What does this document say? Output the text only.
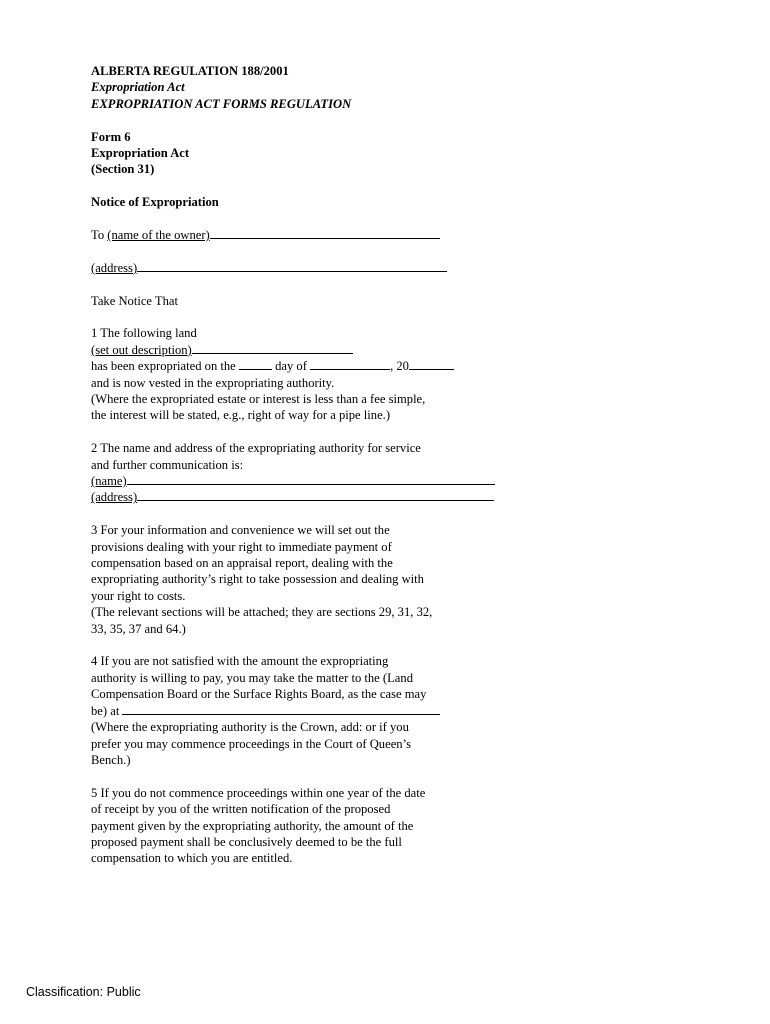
ALBERTA REGULATION 188/2001
Expropriation Act
EXPROPRIATION ACT FORMS REGULATION
Form 6
Expropriation Act
(Section 31)
Notice of Expropriation
To (name of the owner)
(address)
Take Notice That
1 The following land
(set out description)
has been expropriated on the	day of	, 20
and is now vested in the expropriating authority.
(Where the expropriated estate or interest is less than a fee simple,
the interest will be stated, e.g., right of way for a pipe line.)
2 The name and address of the expropriating authority for service
and further communication is:
(name)
(address)
3 For your information and convenience we will set out the
provisions dealing with your right to immediate payment of
compensation based on an appraisal report, dealing with the
expropriating authority’s right to take possession and dealing with
your right to costs.
(The relevant sections will be attached; they are sections 29, 31, 32,
33, 35, 37 and 64.)
4 If you are not satisfied with the amount the expropriating
authority is willing to pay, you may take the matter to the (Land
Compensation Board or the Surface Rights Board, as the case may
be) at
(Where the expropriating authority is the Crown, add: or if you
prefer you may commence proceedings in the Court of Queen’s
Bench.)
5 If you do not commence proceedings within one year of the date
of receipt by you of the written notification of the proposed
payment given by the expropriating authority, the amount of the
proposed payment shall be conclusively deemed to be the full
compensation to which you are entitled.
Classification: Public
